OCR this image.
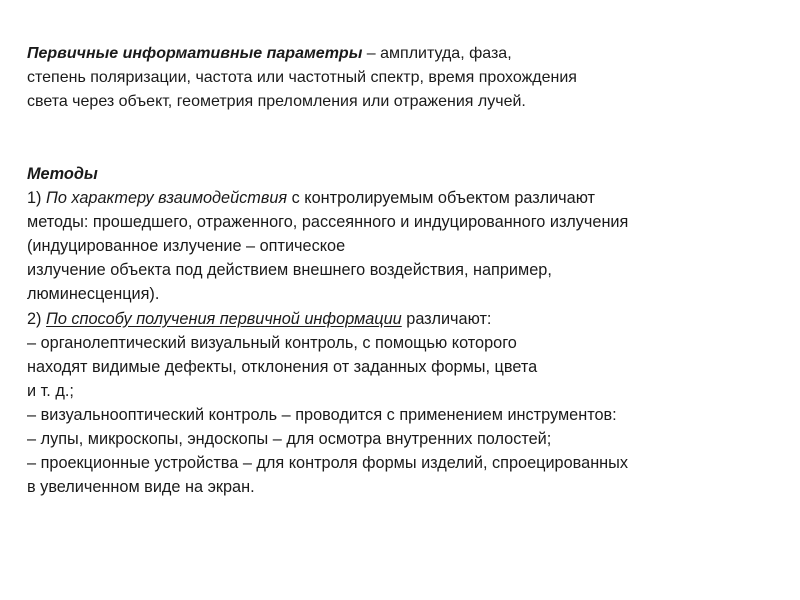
Первичные информативные параметры – амплитуда, фаза,
степень поляризации, частота или частотный спектр, время прохождения
света через объект, геометрия преломления или отражения лучей.
Методы
1) По характеру взаимодействия с контролируемым объектом различают
методы: прошедшего, отраженного, рассеянного и индуцированного излучения
(индуцированное излучение – оптическое
излучение объекта под действием внешнего воздействия, например,
люминесценция).
2) По способу получения первичной информации различают:
– органолептический визуальный контроль, с помощью которого
находят видимые дефекты, отклонения от заданных формы, цвета
и т. д.;
– визуальнооптический контроль – проводится с применением инструментов:
– лупы, микроскопы, эндоскопы – для осмотра внутренних полостей;
– проекционные устройства – для контроля формы изделий, спроецированных
в увеличенном виде на экран.
